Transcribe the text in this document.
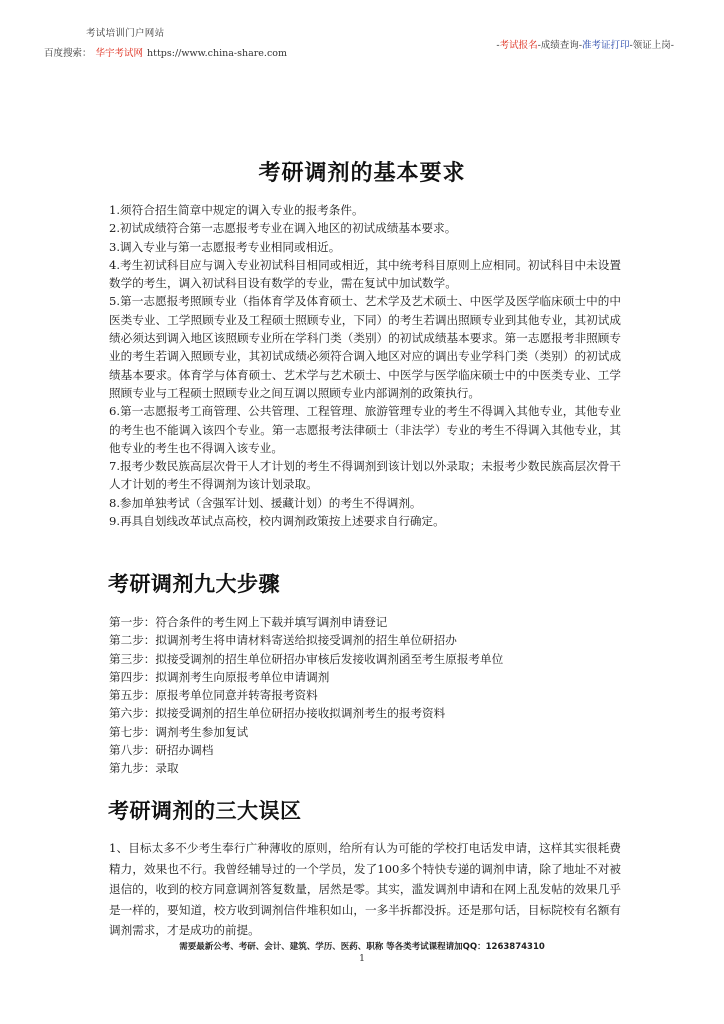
考试培训门户网站
百度搜索： 华宇考试网 https://www.china-share.com
-考试报名-成绩查询-准考证打印-领证上岗-
考研调剂的基本要求

1.须符合招生简章中规定的调入专业的报考条件。

2.初试成绩符合第一志愿报考专业在调入地区的初试成绩基本要求。

3.调入专业与第一志愿报考专业相同或相近。

4.考生初试科目应与调入专业初试科目相同或相近，其中统考科目原则上应相同。初试科目中未设置数学的考生，调入初试科目设有数学的专业，需在复试中加试数学。

5.第一志愿报考照顾专业（指体育学及体育硕士、艺术学及艺术硕士、中医学及医学临床硕士中的中医类专业、工学照顾专业及工程硕士照顾专业，下同）的考生若调出照顾专业到其他专业，其初试成绩必须达到调入地区该照顾专业所在学科门类（类别）的初试成绩基本要求。第一志愿报考非照顾专业的考生若调入照顾专业，其初试成绩必须符合调入地区对应的调出专业学科门类（类别）的初试成绩基本要求。体育学与体育硕士、艺术学与艺术硕士、中医学与医学临床硕士中的中医类专业、工学照顾专业与工程硕士照顾专业之间互调以照顾专业内部调剂的政策执行。

6.第一志愿报考工商管理、公共管理、工程管理、旅游管理专业的考生不得调入其他专业，其他专业的考生也不能调入该四个专业。第一志愿报考法律硕士（非法学）专业的考生不得调入其他专业，其他专业的考生也不得调入该专业。

7.报考少数民族高层次骨干人才计划的考生不得调剂到该计划以外录取；未报考少数民族高层次骨干人才计划的考生不得调剂为该计划录取。

8.参加单独考试（含强军计划、援藏计划）的考生不得调剂。

9.再具自划线改革试点高校，校内调剂政策按上述要求自行确定。

考研调剂九大步骤

第一步：符合条件的考生网上下载并填写调剂申请登记

第二步：拟调剂考生将申请材料寄送给拟接受调剂的招生单位研招办

第三步：拟接受调剂的招生单位研招办审核后发接收调剂函至考生原报考单位

第四步：拟调剂考生向原报考单位申请调剂

第五步：原报考单位同意并转寄报考资料

第六步：拟接受调剂的招生单位研招办接收拟调剂考生的报考资料

第七步：调剂考生参加复试

第八步：研招办调档

第九步：录取

考研调剂的三大误区

1、目标太多不少考生奉行广种薄收的原则，给所有认为可能的学校打电话发申请，这样其实很耗费精力，效果也不行。我曾经辅导过的一个学员，发了100多个特快专递的调剂申请，除了地址不对被退信的，收到的校方同意调剂答复数量，居然是零。其实，滥发调剂申请和在网上乱发帖的效果几乎是一样的，要知道，校方收到调剂信件堆积如山，一多半拆都没拆。还是那句话，目标院校有名额有调剂需求，才是成功的前提。

需要最新公考、考研、会计、建筑、学历、医药、职称 等各类考试课程请加QQ：1263874310
1
